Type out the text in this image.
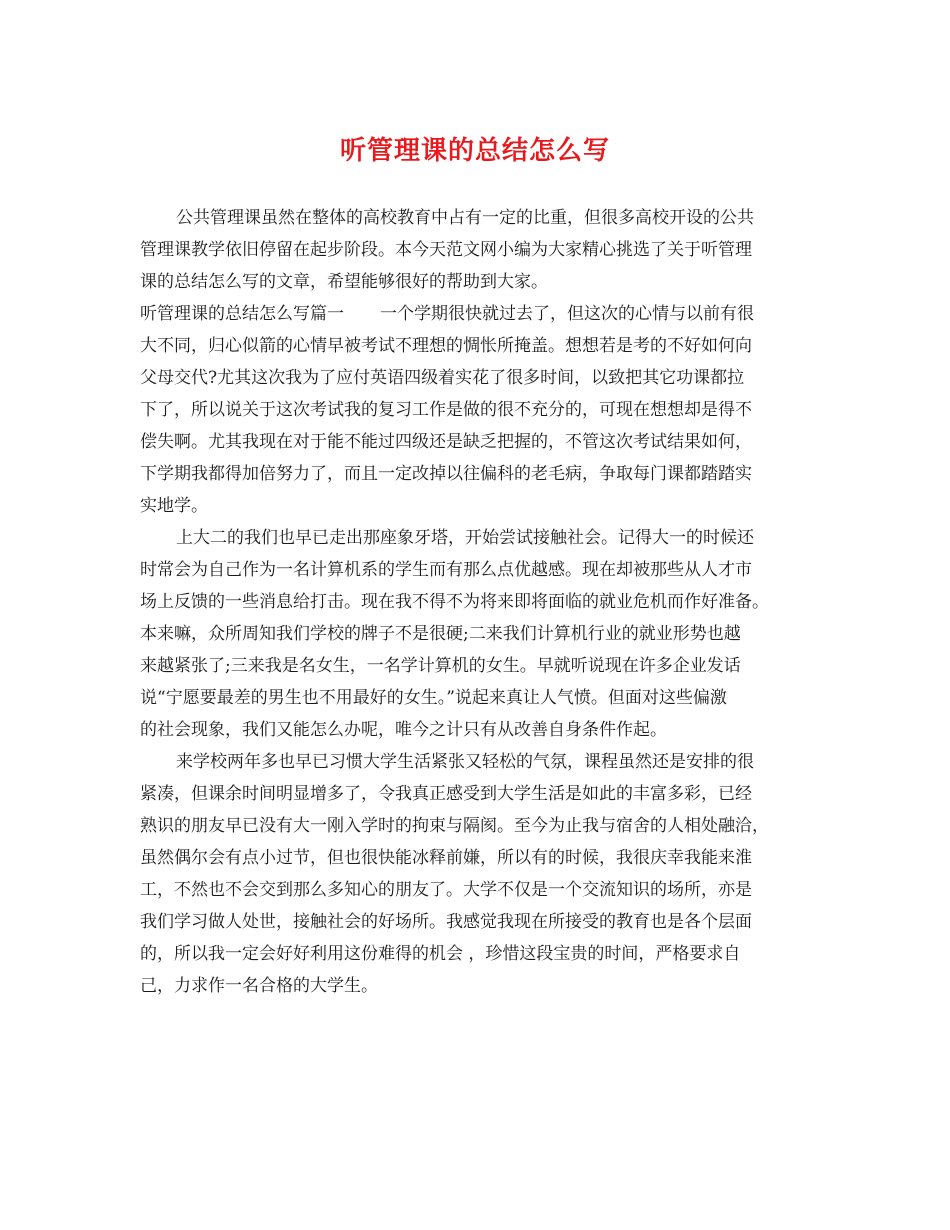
听管理课的总结怎么写
公共管理课虽然在整体的高校教育中占有一定的比重，但很多高校开设的公共
管理课教学依旧停留在起步阶段。本今天范文网小编为大家精心挑选了关于听管理
课的总结怎么写的文章，希望能够很好的帮助到大家。
听管理课的总结怎么写篇一 一个学期很快就过去了，但这次的心情与以前有很
大不同，归心似箭的心情早被考试不理想的惆怅所掩盖。想想若是考的不好如何向
父母交代?尤其这次我为了应付英语四级着实花了很多时间，以致把其它功课都拉
下了，所以说关于这次考试我的复习工作是做的很不充分的，可现在想想却是得不
偿失啊。尤其我现在对于能不能过四级还是缺乏把握的，不管这次考试结果如何，
下学期我都得加倍努力了，而且一定改掉以往偏科的老毛病，争取每门课都踏踏实
实地学。
上大二的我们也早已走出那座象牙塔，开始尝试接触社会。记得大一的时候还
时常会为自己作为一名计算机系的学生而有那么点优越感。现在却被那些从人才市
场上反馈的一些消息给打击。现在我不得不为将来即将面临的就业危机而作好准备。
本来嘛，众所周知我们学校的牌子不是很硬;二来我们计算机行业的就业形势也越
来越紧张了;三来我是名女生，一名学计算机的女生。早就听说现在许多企业发话
说“宁愿要最差的男生也不用最好的女生。”说起来真让人气愤。但面对这些偏激
的社会现象，我们又能怎么办呢，唯今之计只有从改善自身条件作起。
来学校两年多也早已习惯大学生活紧张又轻松的气氛，课程虽然还是安排的很
紧凑，但课余时间明显增多了，令我真正感受到大学生活是如此的丰富多彩，已经
熟识的朋友早已没有大一刚入学时的拘束与隔阂。至今为止我与宿舍的人相处融洽，
虽然偶尔会有点小过节，但也很快能冰释前嫌，所以有的时候，我很庆幸我能来淮
工，不然也不会交到那么多知心的朋友了。大学不仅是一个交流知识的场所，亦是
我们学习做人处世，接触社会的好场所。我感觉我现在所接受的教育也是各个层面
的，所以我一定会好好利用这份难得的机会 ，珍惜这段宝贵的时间，严格要求自
己，力求作一名合格的大学生。
